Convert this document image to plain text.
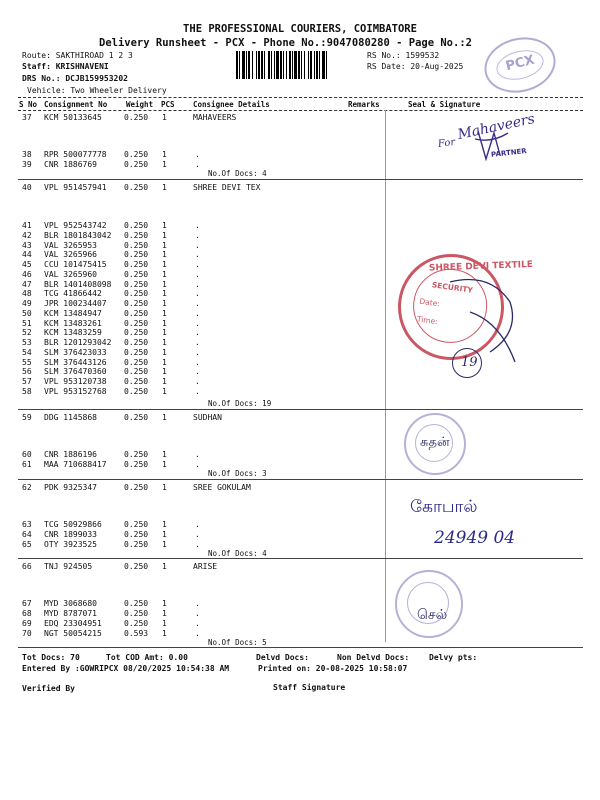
THE PROFESSIONAL COURIERS, COIMBATORE
Delivery Runsheet - PCX - Phone No.:9047080280 - Page No.:2
Route: SAKTHIROAD 1 2 3
Staff: KRISHNAVENI
DRS No.: DCJB159953202
Vehicle: Two Wheeler Delivery
RS No.: 1599532
RS Date: 20-Aug-2025	PCX
S No Consignment No	Weight PCS Consignee Details	Remarks	Seal & Signature
37 KCM 50133645	0.250 1	MAHAVEERS
38 RPR 500077778 0.250 1	.
39 CNR 1886769	0.250 1	.
No.Of Docs: 4
40 VPL 951457941 0.250 1	SHREE DEVI TEX
41 VPL 952543742 0.250 1	.
42 BLR 1801843042 0.250 1	.
43 VAL 3265953	0.250 1	.
44 VAL 3265966	0.250 1	.
45 CCU 101475415 0.250 1	.
46 VAL 3265960	0.250 1	.
47 BLR 1401408098 0.250 1	.
48 TCG 41866442	0.250 1	.
49 JPR 100234407 0.250 1	.
50 KCM 13484947	0.250 1	.
51 KCM 13483261	0.250 1	.
52 KCM 13483259	0.250 1	.
53 BLR 1201293042 0.250 1	.
54 SLM 376423033 0.250 1	.
55 SLM 376443126 0.250 1	.
56 SLM 376470360 0.250 1	.
57 VPL 953120738 0.250 1	.
58 VPL 953152768 0.250 1	.
No.Of Docs: 19
59 DDG 1145868	0.250 1	SUDHAN
60 CNR 1886196	0.250 1	.
61 MAA 710688417 0.250 1	.
No.Of Docs: 3
62 PDK 9325347	0.250 1	SREE GOKULAM
63 TCG 50929866	0.250 1	.
64 CNR 1899033	0.250 1	.
65 OTY 3923525	0.250 1	.
No.Of Docs: 4
66 TNJ 924505	0.250 1	ARISE
67 MYD 3068680	0.250 1	.
68 MYD 8787071	0.250 1	.
69 EDQ 23304951	0.250 1	.
70 NGT 50054215	0.593 1	.
No.Of Docs: 5
Tot Docs: 70	Tot COD Amt: 0.00	Delvd Docs:	Non Delvd Docs: Delvy pts:
Entered By :GOWRIPCX 08/20/2025 10:54:38 AM	Printed on: 20-08-2025 10:58:07
Verified By	Staff Signature
For
Mahaveers
PARTNER
SHREE DEVI TEXTILE
SECURITY
Date:
Time:
19
சுதன்
கோபால்
24949 04
செல்
